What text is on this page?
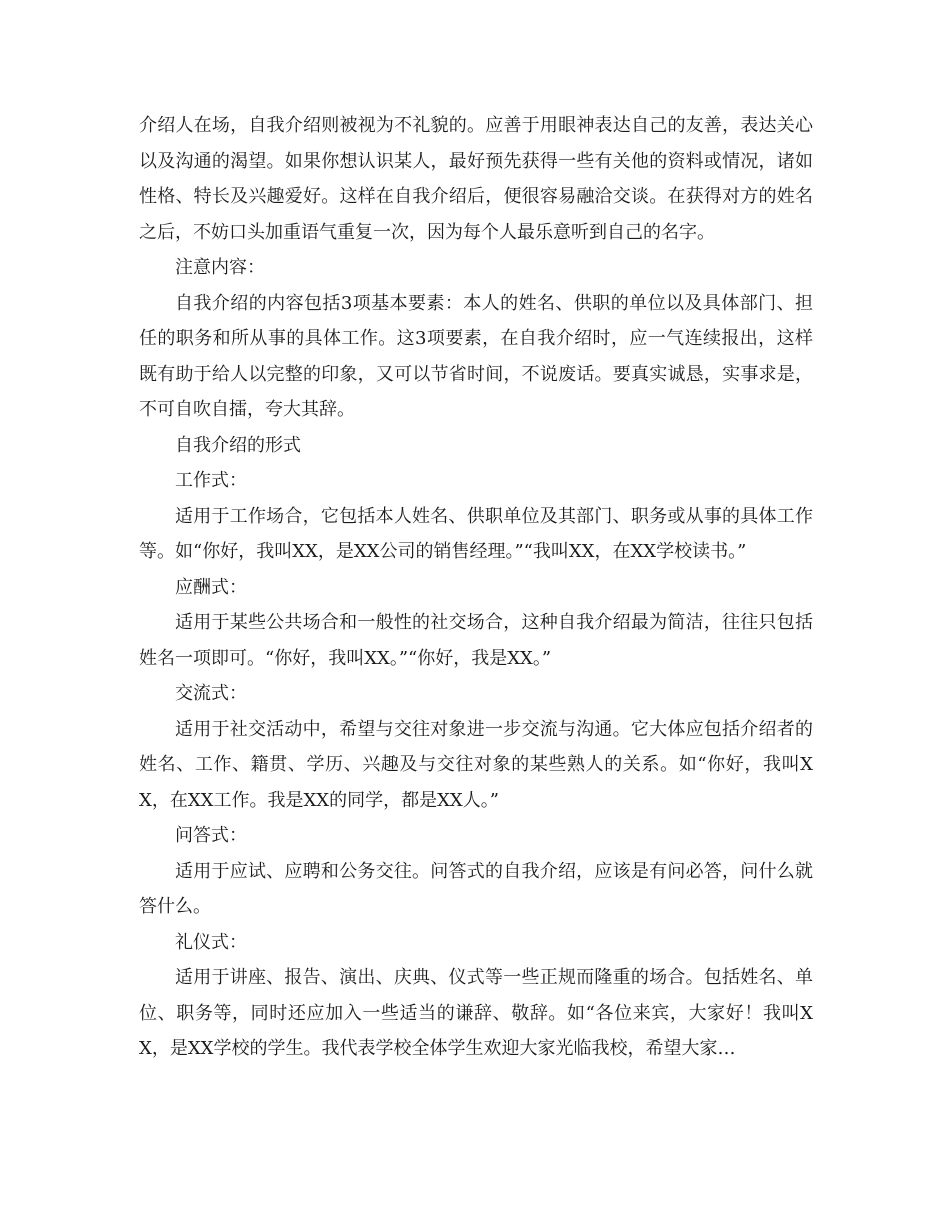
介绍人在场，自我介绍则被视为不礼貌的。应善于用眼神表达自己的友善，表达关心以及沟通的渴望。如果你想认识某人，最好预先获得一些有关他的资料或情况，诸如性格、特长及兴趣爱好。这样在自我介绍后，便很容易融洽交谈。在获得对方的姓名之后，不妨口头加重语气重复一次，因为每个人最乐意听到自己的名字。

注意内容：

自我介绍的内容包括3项基本要素：本人的姓名、供职的单位以及具体部门、担任的职务和所从事的具体工作。这3项要素，在自我介绍时，应一气连续报出，这样既有助于给人以完整的印象，又可以节省时间，不说废话。要真实诚恳，实事求是，不可自吹自擂，夸大其辞。

自我介绍的形式

工作式：

适用于工作场合，它包括本人姓名、供职单位及其部门、职务或从事的具体工作等。如“你好，我叫XX，是XX公司的销售经理。”“我叫XX，在XX学校读书。”

应酬式：

适用于某些公共场合和一般性的社交场合，这种自我介绍最为简洁，往往只包括姓名一项即可。“你好，我叫XX。”“你好，我是XX。”

交流式：

适用于社交活动中，希望与交往对象进一步交流与沟通。它大体应包括介绍者的姓名、工作、籍贯、学历、兴趣及与交往对象的某些熟人的关系。如“你好，我叫XX，在XX工作。我是XX的同学，都是XX人。”

问答式：

适用于应试、应聘和公务交往。问答式的自我介绍，应该是有问必答，问什么就答什么。

礼仪式：

适用于讲座、报告、演出、庆典、仪式等一些正规而隆重的场合。包括姓名、单位、职务等，同时还应加入一些适当的谦辞、敬辞。如“各位来宾，大家好！我叫XX，是XX学校的学生。我代表学校全体学生欢迎大家光临我校，希望大家…
